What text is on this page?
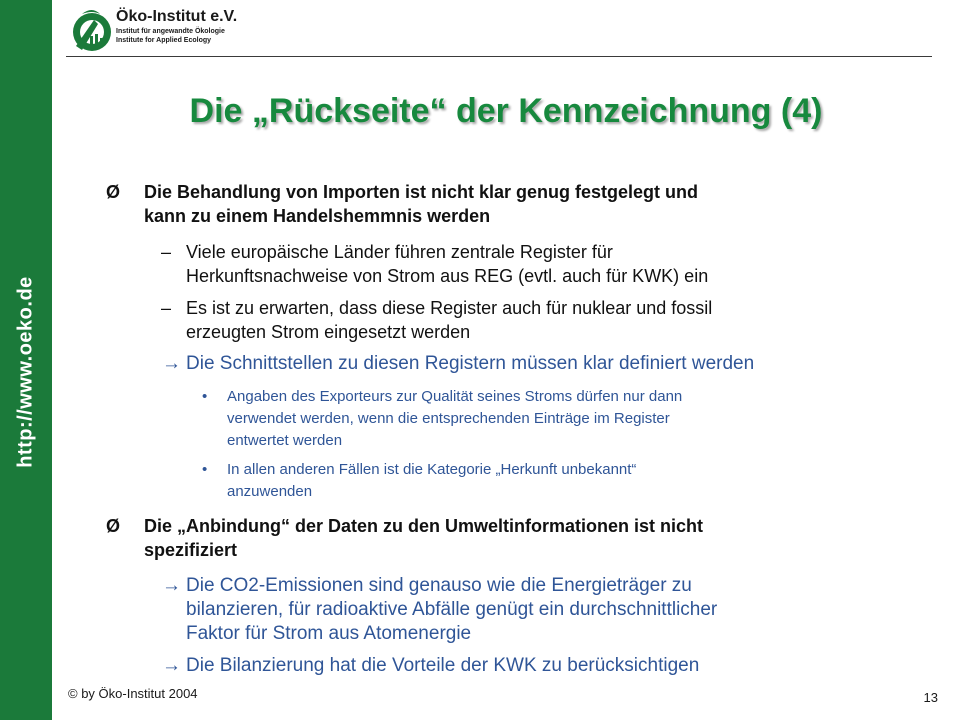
http://www.oeko.de
Öko-Institut e.V.
Institut für angewandte Ökologie
Institute for Applied Ecology
Die „Rückseite“ der Kennzeichnung (4)
Ø Die Behandlung von Importen ist nicht klar genug festgelegt und
kann zu einem Handelshemmnis werden
– Viele europäische Länder führen zentrale Register für
Herkunftsnachweise von Strom aus REG (evtl. auch für KWK) ein
– Es ist zu erwarten, dass diese Register auch für nuklear und fossil
erzeugten Strom eingesetzt werden
→ Die Schnittstellen zu diesen Registern müssen klar definiert werden
• Angaben des Exporteurs zur Qualität seines Stroms dürfen nur dann
verwendet werden, wenn die entsprechenden Einträge im Register
entwertet werden
• In allen anderen Fällen ist die Kategorie „Herkunft unbekannt“
anzuwenden
Ø Die „Anbindung“ der Daten zu den Umweltinformationen ist nicht
spezifiziert
→ Die CO2-Emissionen sind genauso wie die Energieträger zu
bilanzieren, für radioaktive Abfälle genügt ein durchschnittlicher
Faktor für Strom aus Atomenergie
→ Die Bilanzierung hat die Vorteile der KWK zu berücksichtigen
© by Öko-Institut 2004	13
